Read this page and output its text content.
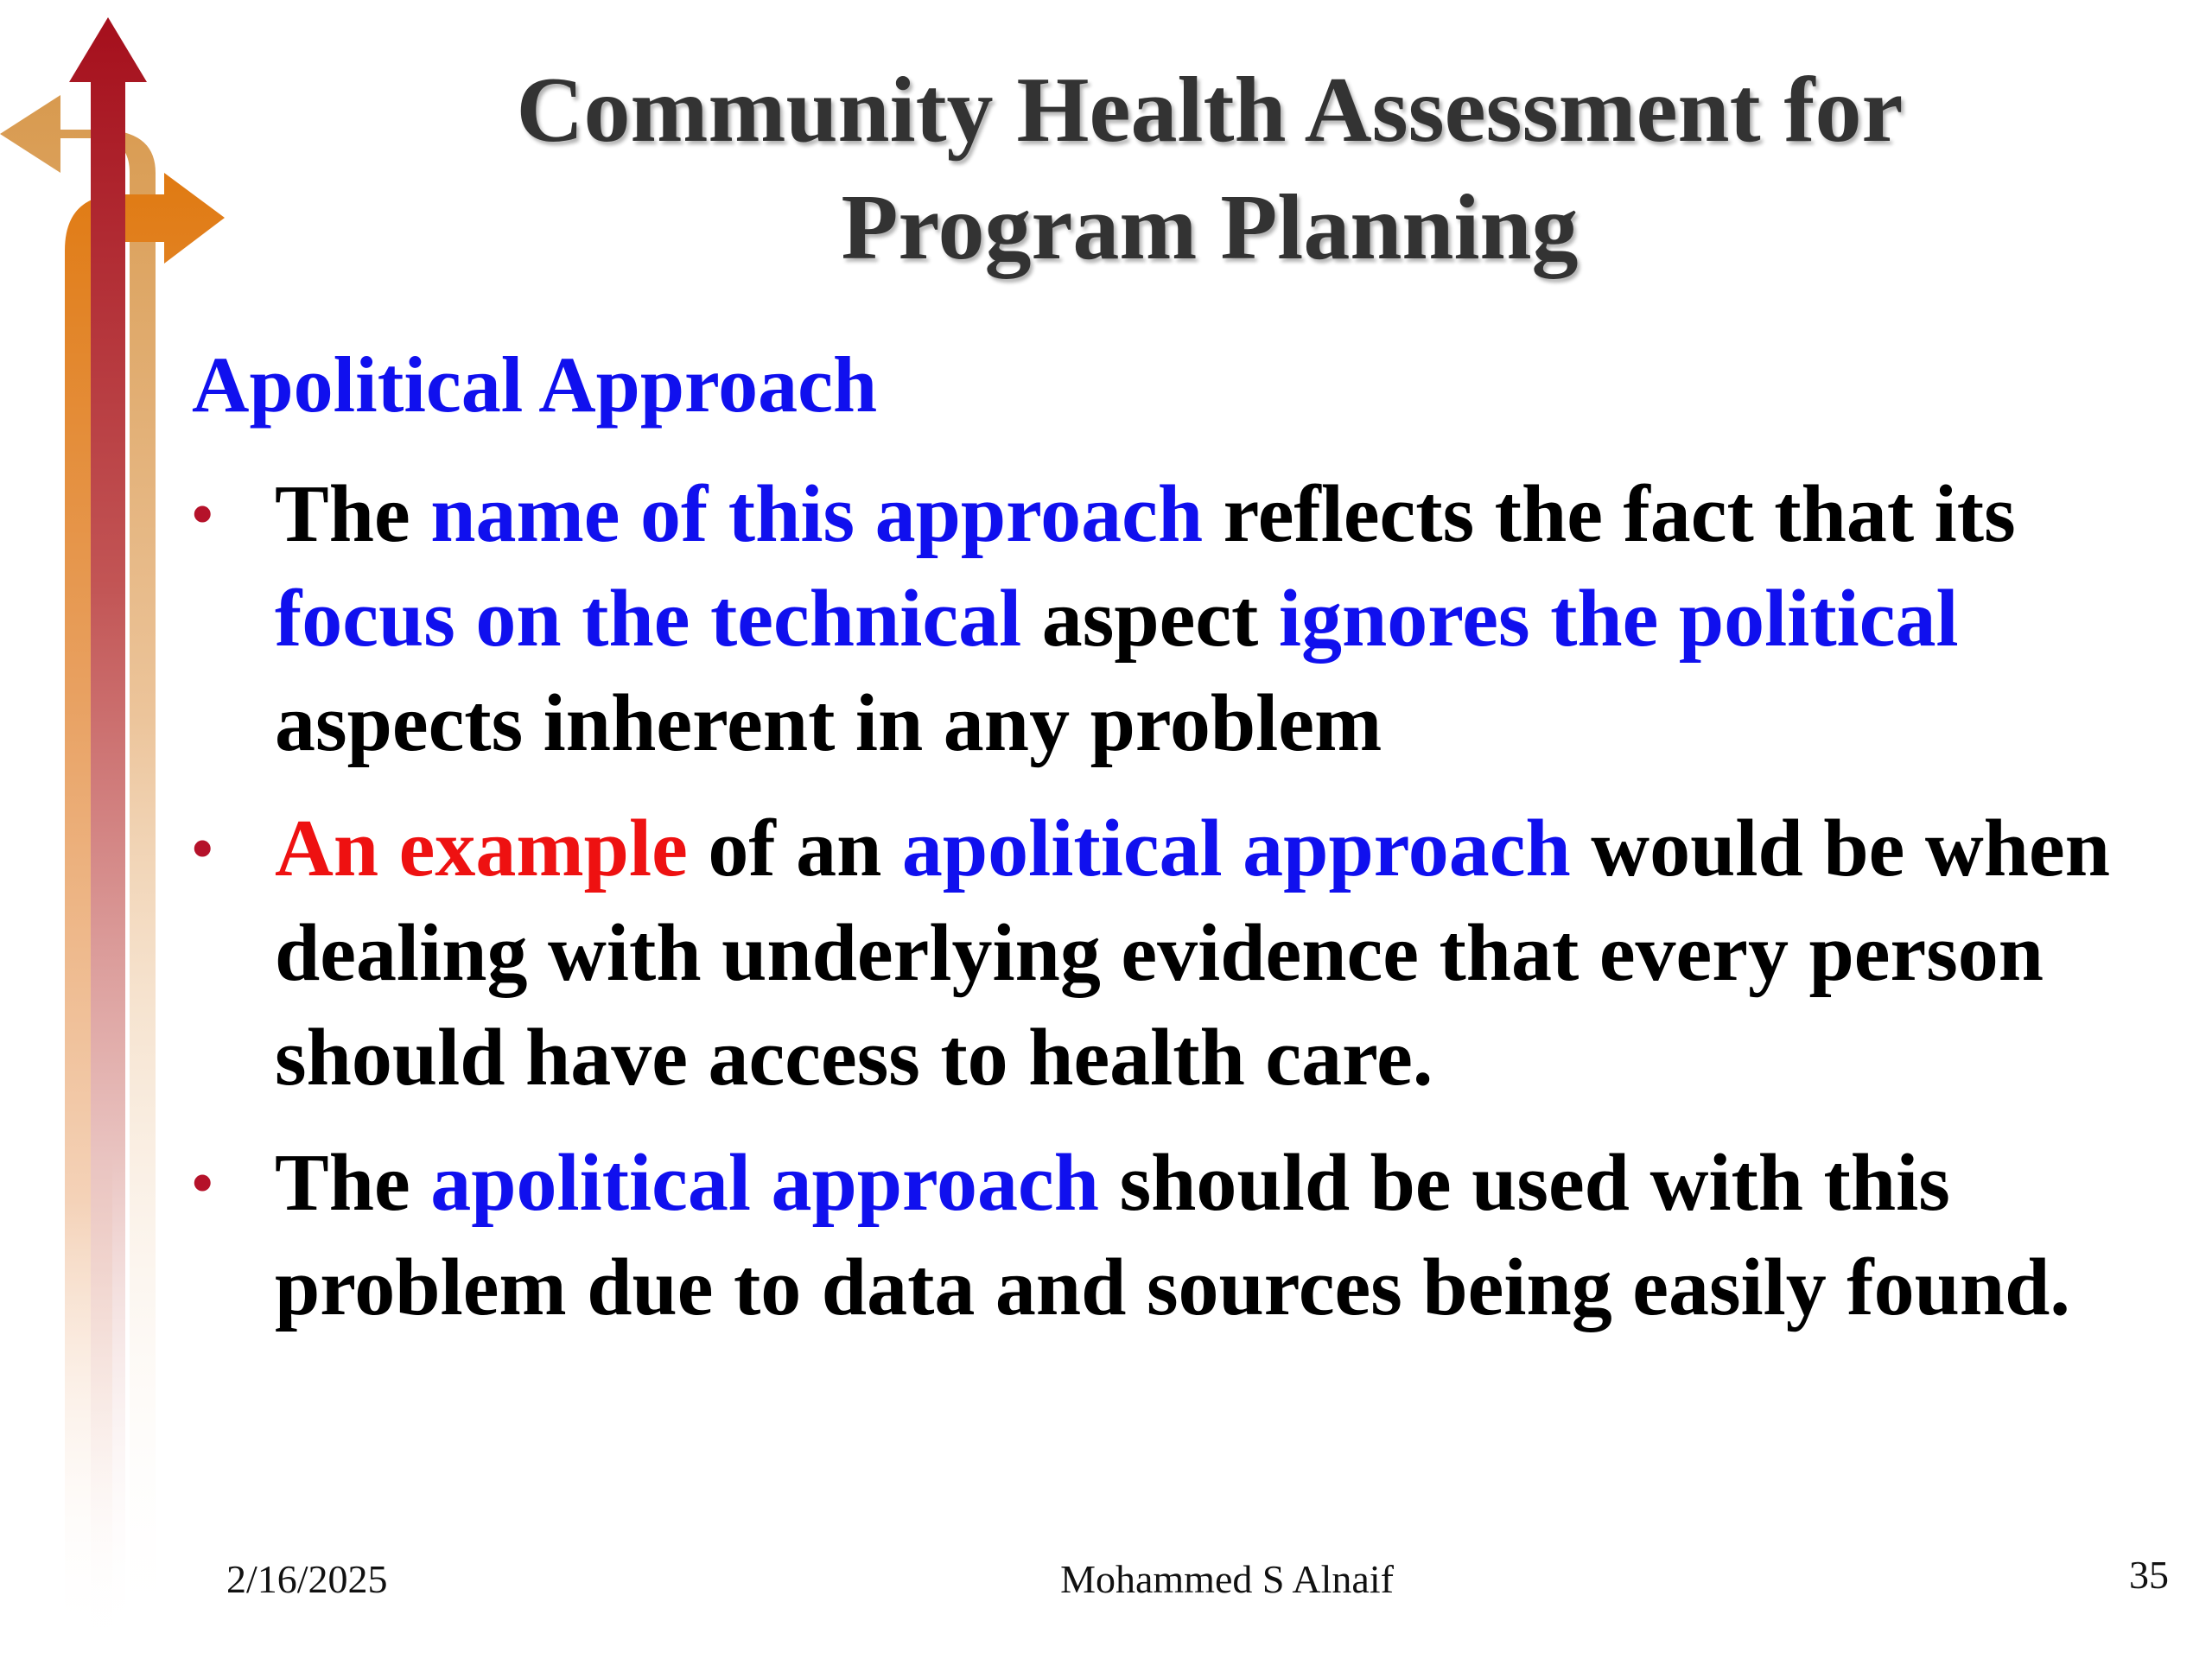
Community Health Assessment for
Program Planning
Apolitical Approach
• The name of this approach reflects the fact that its focus on the technical aspect ignores the political aspects inherent in any problem
• An example of an apolitical approach would be when dealing with underlying evidence that every person should have access to health care.
• The apolitical approach should be used with this problem due to data and sources being easily found.
2/16/2025	Mohammed S Alnaif	35
